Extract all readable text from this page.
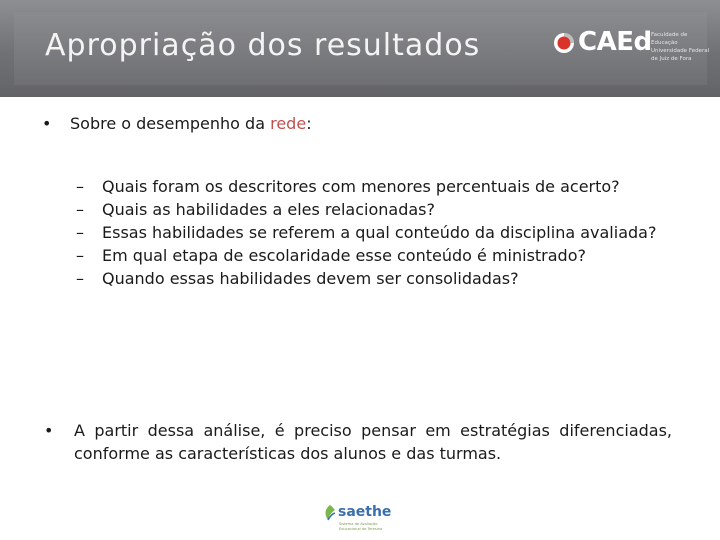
Apropriação dos resultados	CAEd Faculdade de Educação Universidade Federal de Juiz de Fora
• Sobre o desempenho da rede:
– Quais foram os descritores com menores percentuais de acerto?
– Quais as habilidades a eles relacionadas?
– Essas habilidades se referem a qual conteúdo da disciplina avaliada?
– Em qual etapa de escolaridade esse conteúdo é ministrado?
– Quando essas habilidades devem ser consolidadas?
• A partir dessa análise, é preciso pensar em estratégias diferenciadas, conforme as características dos alunos e das turmas.
saethe
Sistema de Avaliação Educacional de Teresina
